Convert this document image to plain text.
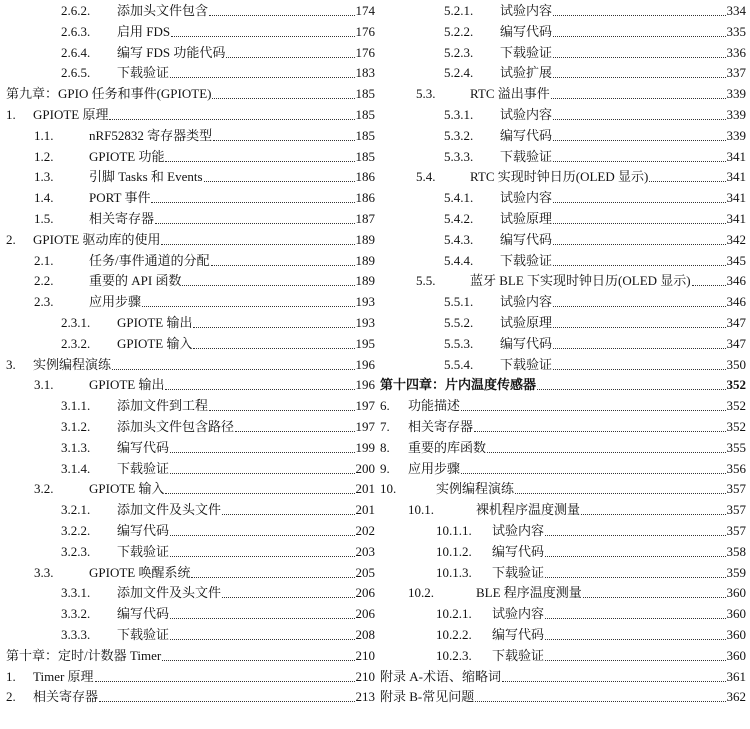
2.6.2.	添加头文件包含	174
2.6.3.	启用 FDS	176
2.6.4.	编写 FDS 功能代码	176
2.6.5.	下载验证	183
第九章：GPIO 任务和事件(GPIOTE)	185
1.	GPIOTE 原理	185
1.1.	nRF52832 寄存器类型	185
1.2.	GPIOTE 功能	185
1.3.	引脚 Tasks 和 Events	186
1.4.	PORT 事件	186
1.5.	相关寄存器	187
2.	GPIOTE 驱动库的使用	189
2.1.	任务/事件通道的分配	189
2.2.	重要的 API 函数	189
2.3.	应用步骤	193
2.3.1.	GPIOTE 输出	193
2.3.2.	GPIOTE 输入	195
3.	实例编程演练	196
3.1.	GPIOTE 输出	196
3.1.1.	添加文件到工程	197
3.1.2.	添加头文件包含路径	197
3.1.3.	编写代码	199
3.1.4.	下载验证	200
3.2.	GPIOTE 输入	201
3.2.1.	添加文件及头文件	201
3.2.2.	编写代码	202
3.2.3.	下载验证	203
3.3.	GPIOTE 唤醒系统	205
3.3.1.	添加文件及头文件	206
3.3.2.	编写代码	206
3.3.3.	下载验证	208
第十章：定时/计数器 Timer	210
1.	Timer 原理	210
2.	相关寄存器	213
5.2.1.	试验内容	334
5.2.2.	编写代码	335
5.2.3.	下载验证	336
5.2.4.	试验扩展	337
5.3.	RTC 溢出事件	339
5.3.1.	试验内容	339
5.3.2.	编写代码	339
5.3.3.	下载验证	341
5.4.	RTC 实现时钟日历(OLED 显示)	341
5.4.1.	试验内容	341
5.4.2.	试验原理	341
5.4.3.	编写代码	342
5.4.4.	下载验证	345
5.5.	蓝牙 BLE 下实现时钟日历(OLED 显示)	346
5.5.1.	试验内容	346
5.5.2.	试验原理	347
5.5.3.	编写代码	347
5.5.4.	下载验证	350
第十四章：片内温度传感器	352
6.	功能描述	352
7.	相关寄存器	352
8.	重要的库函数	355
9.	应用步骤	356
10.	实例编程演练	357
10.1.	裸机程序温度测量	357
10.1.1.	试验内容	357
10.1.2.	编写代码	358
10.1.3.	下载验证	359
10.2.	BLE 程序温度测量	360
10.2.1.	试验内容	360
10.2.2.	编写代码	360
10.2.3.	下载验证	360
附录 A-术语、缩略词	361
附录 B-常见问题	362
